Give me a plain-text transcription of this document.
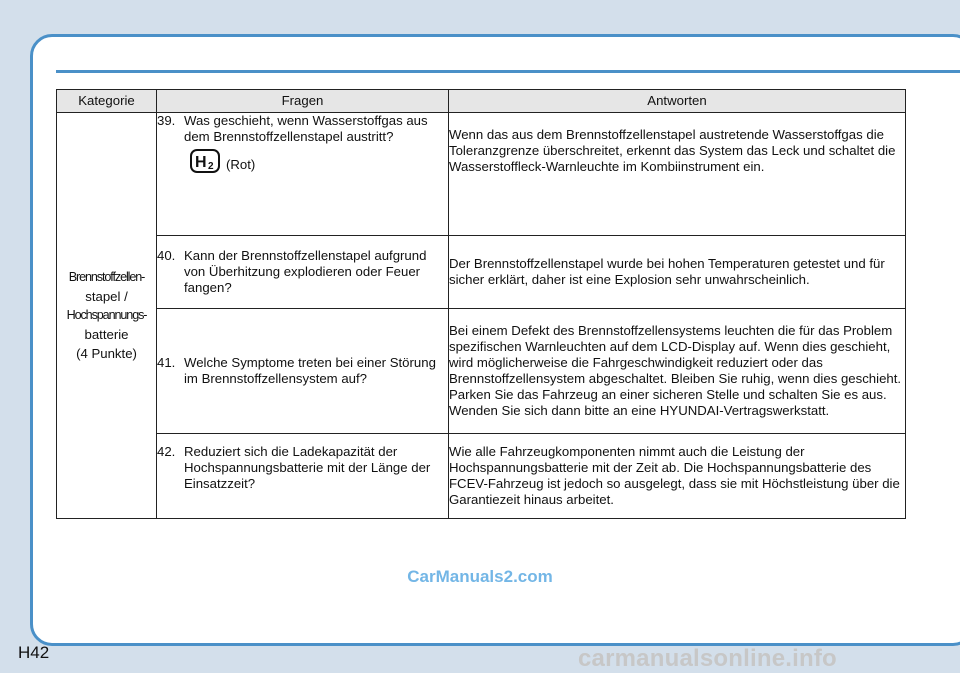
Kategorie	Fragen	Antworten

Brennstoffzellen-
stapel /
Hochspannungs-
batterie
(4 Punkte)	39. Was geschieht, wenn Wasserstoffgas aus dem Brennstoffzellenstapel austritt?
H 2 (Rot)	Wenn das aus dem Brennstoffzellenstapel austretende Wasserstoffgas die Toleranzgrenze überschreitet, erkennt das System das Leck und schaltet die Wasserstoffleck-Warnleuchte im Kombiinstrument ein.

	40. Kann der Brennstoffzellenstapel aufgrund von Überhitzung explodieren oder Feuer fangen?	Der Brennstoffzellenstapel wurde bei hohen Temperaturen getestet und für sicher erklärt, daher ist eine Explosion sehr unwahrscheinlich.

	41. Welche Symptome treten bei einer Störung im Brennstoffzellensystem auf?	Bei einem Defekt des Brennstoffzellensystems leuchten die für das Problem spezifischen Warnleuchten auf dem LCD-Display auf. Wenn dies geschieht, wird möglicherweise die Fahrgeschwindigkeit reduziert oder das Brennstoffzellensystem abgeschaltet. Bleiben Sie ruhig, wenn dies geschieht. Parken Sie das Fahrzeug an einer sicheren Stelle und schalten Sie es aus. Wenden Sie sich dann bitte an eine HYUNDAI-Vertragswerkstatt.

	42. Reduziert sich die Ladekapazität der Hochspannungsbatterie mit der Länge der Einsatzzeit?	Wie alle Fahrzeugkomponenten nimmt auch die Leistung der Hochspannungsbatterie mit der Zeit ab. Die Hochspannungsbatterie des FCEV-Fahrzeug ist jedoch so ausgelegt, dass sie mit Höchstleistung über die Garantiezeit hinaus arbeitet.
CarManuals2.com
H42	carmanualsonline.info
